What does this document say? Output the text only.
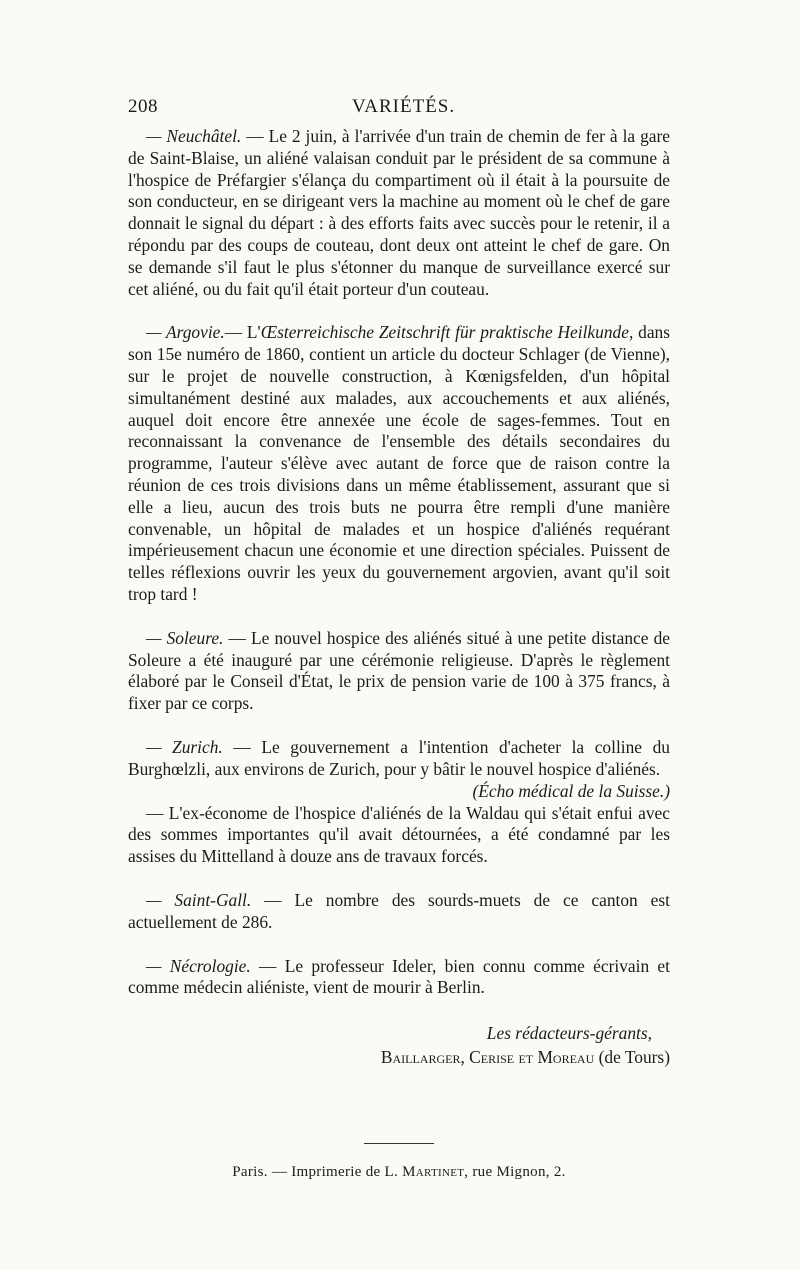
208	VARIÉTÉS.

— Neuchâtel. — Le 2 juin, à l'arrivée d'un train de chemin de fer à la gare de Saint-Blaise, un aliéné valaisan conduit par le président de sa commune à l'hospice de Préfargier s'élança du compartiment où il était à la poursuite de son conducteur, en se dirigeant vers la machine au moment où le chef de gare donnait le signal du départ : à des efforts faits avec succès pour le retenir, il a répondu par des coups de couteau, dont deux ont atteint le chef de gare. On se demande s'il faut le plus s'étonner du manque de surveillance exercé sur cet aliéné, ou du fait qu'il était porteur d'un couteau.

— Argovie.— L'Œsterreichische Zeitschrift für praktische Heilkunde, dans son 15e numéro de 1860, contient un article du docteur Schlager (de Vienne), sur le projet de nouvelle construction, à Kœnigsfelden, d'un hôpital simultanément destiné aux malades, aux accouchements et aux aliénés, auquel doit encore être annexée une école de sages-femmes. Tout en reconnaissant la convenance de l'ensemble des détails secondaires du programme, l'auteur s'élève avec autant de force que de raison contre la réunion de ces trois divisions dans un même établissement, assurant que si elle a lieu, aucun des trois buts ne pourra être rempli d'une manière convenable, un hôpital de malades et un hospice d'aliénés requérant impérieusement chacun une économie et une direction spéciales. Puissent de telles réflexions ouvrir les yeux du gouvernement argovien, avant qu'il soit trop tard !

— Soleure. — Le nouvel hospice des aliénés situé à une petite distance de Soleure a été inauguré par une cérémonie religieuse. D'après le règlement élaboré par le Conseil d'État, le prix de pension varie de 100 à 375 francs, à fixer par ce corps.

— Zurich. — Le gouvernement a l'intention d'acheter la colline du Burghœlzli, aux environs de Zurich, pour y bâtir le nouvel hospice d'aliénés.
(Écho médical de la Suisse.)

— L'ex-économe de l'hospice d'aliénés de la Waldau qui s'était enfui avec des sommes importantes qu'il avait détournées, a été condamné par les assises du Mittelland à douze ans de travaux forcés.

— Saint-Gall. — Le nombre des sourds-muets de ce canton est actuellement de 286.

— Nécrologie. — Le professeur Ideler, bien connu comme écrivain et comme médecin aliéniste, vient de mourir à Berlin.

Les rédacteurs-gérants,
Baillarger, Cerise et Moreau (de Tours)
Paris. — Imprimerie de L. Martinet, rue Mignon, 2.
